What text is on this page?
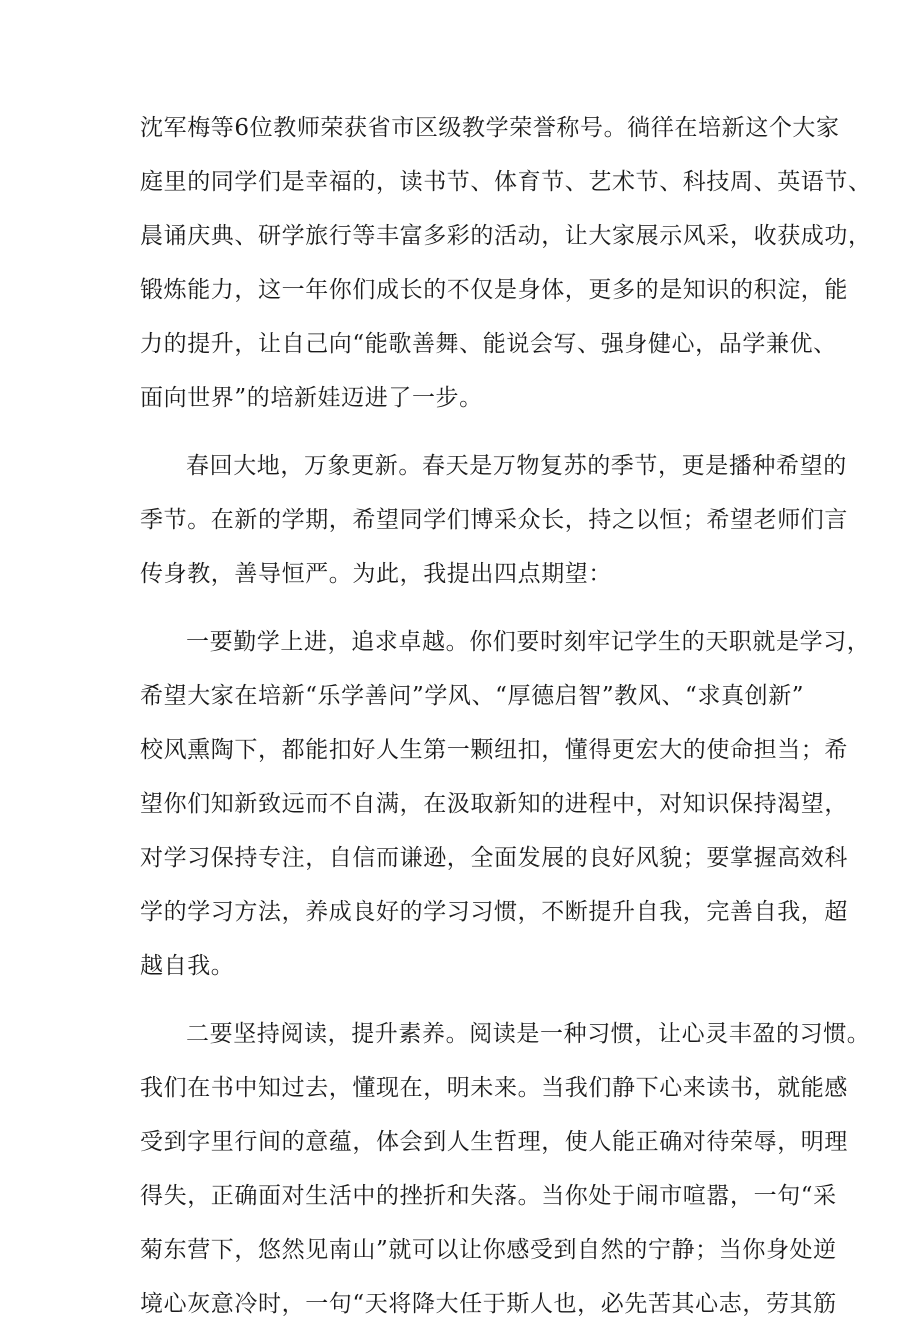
沈军梅等6位教师荣获省市区级教学荣誉称号。徜徉在培新这个大家
庭里的同学们是幸福的，读书节、体育节、艺术节、科技周、英语节、
晨诵庆典、研学旅行等丰富多彩的活动，让大家展示风采，收获成功，
锻炼能力，这一年你们成长的不仅是身体，更多的是知识的积淀，能
力的提升，让自己向“能歌善舞、能说会写、强身健心，品学兼优、
面向世界”的培新娃迈进了一步。
春回大地，万象更新。春天是万物复苏的季节，更是播种希望的
季节。在新的学期，希望同学们博采众长，持之以恒；希望老师们言
传身教，善导恒严。为此，我提出四点期望：
一要勤学上进，追求卓越。你们要时刻牢记学生的天职就是学习，
希望大家在培新“乐学善问”学风、“厚德启智”教风、“求真创新”
校风熏陶下，都能扣好人生第一颗纽扣，懂得更宏大的使命担当；希
望你们知新致远而不自满，在汲取新知的进程中，对知识保持渴望，
对学习保持专注，自信而谦逊，全面发展的良好风貌；要掌握高效科
学的学习方法，养成良好的学习习惯，不断提升自我，完善自我，超
越自我。
二要坚持阅读，提升素养。阅读是一种习惯，让心灵丰盈的习惯。
我们在书中知过去，懂现在，明未来。当我们静下心来读书，就能感
受到字里行间的意蕴，体会到人生哲理，使人能正确对待荣辱，明理
得失，正确面对生活中的挫折和失落。当你处于闹市喧嚣，一句“采
菊东营下，悠然见南山”就可以让你感受到自然的宁静；当你身处逆
境心灰意冷时，一句“天将降大任于斯人也，必先苦其心志，劳其筋
